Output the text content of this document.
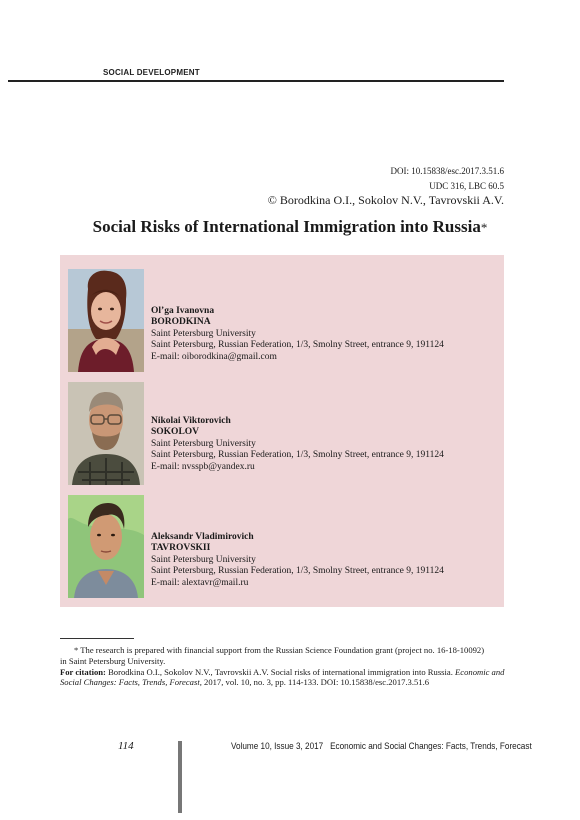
SOCIAL DEVELOPMENT
DOI: 10.15838/esc.2017.3.51.6
UDC 316, LBC 60.5
© Borodkina O.I., Sokolov N.V., Tavrovskii A.V.
Social Risks of International Immigration into Russia*
Ol’ga Ivanovna
BORODKINA
Saint Petersburg University
Saint Petersburg, Russian Federation, 1/3, Smolny Street, entrance 9, 191124
E-mail: oiborodkina@gmail.com
Nikolai Viktorovich
SOKOLOV
Saint Petersburg University
Saint Petersburg, Russian Federation, 1/3, Smolny Street, entrance 9, 191124
E-mail: nvsspb@yandex.ru
Aleksandr Vladimirovich
TAVROVSKII
Saint Petersburg University
Saint Petersburg, Russian Federation, 1/3, Smolny Street, entrance 9, 191124
E-mail: alextavr@mail.ru
* The research is prepared with financial support from the Russian Science Foundation grant (project no. 16-18-10092)
in Saint Petersburg University.
For citation: Borodkina O.I., Sokolov N.V., Tavrovskii A.V. Social risks of international immigration into Russia. Economic and Social Changes: Facts, Trends, Forecast, 2017, vol. 10, no. 3, pp. 114-133. DOI: 10.15838/esc.2017.3.51.6
114	Volume 10, Issue 3, 2017 Economic and Social Changes: Facts, Trends, Forecast
